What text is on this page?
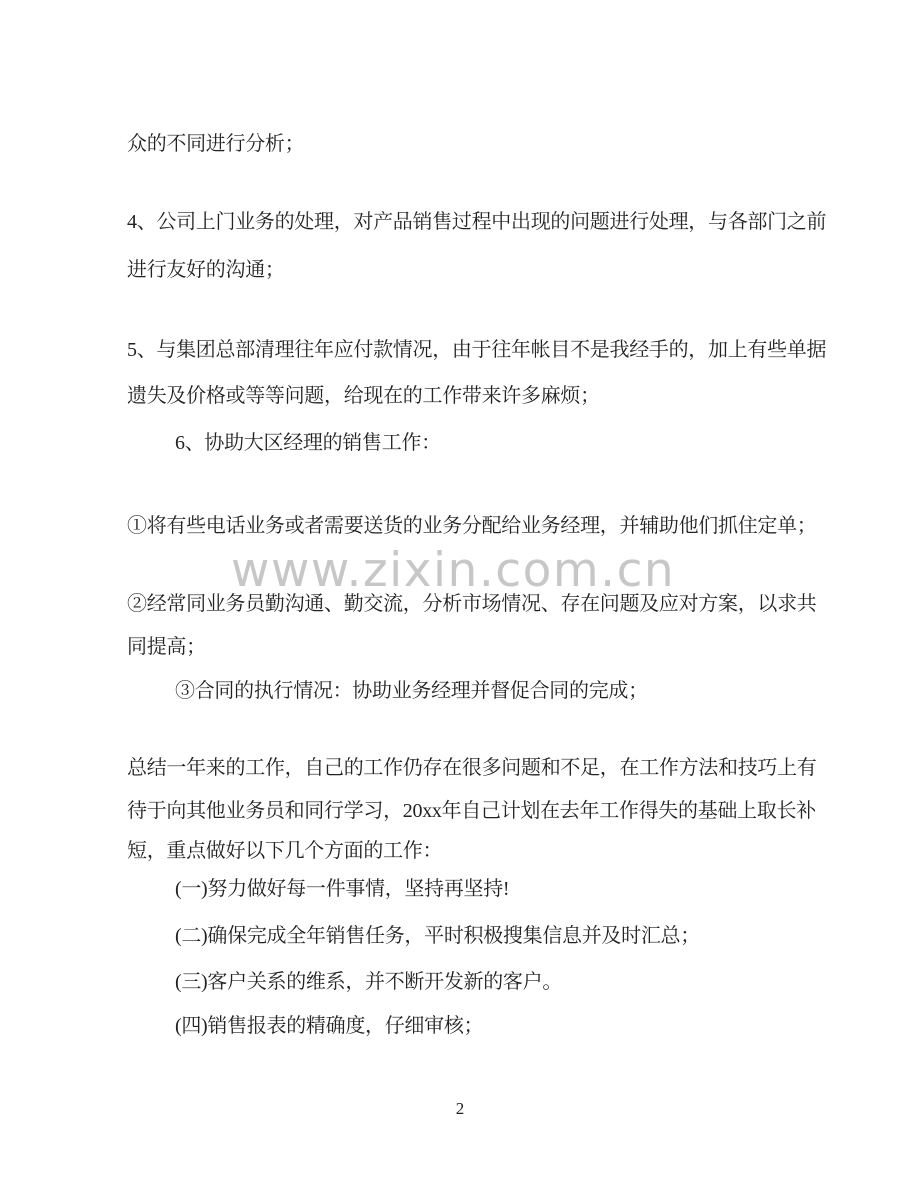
www.zixin.com.cn
众的不同进行分析；
4、公司上门业务的处理，对产品销售过程中出现的问题进行处理，与各部门之前
进行友好的沟通；
5、与集团总部清理往年应付款情况，由于往年帐目不是我经手的，加上有些单据
遗失及价格或等等问题，给现在的工作带来许多麻烦；
6、协助大区经理的销售工作：
①将有些电话业务或者需要送货的业务分配给业务经理，并辅助他们抓住定单；
②经常同业务员勤沟通、勤交流，分析市场情况、存在问题及应对方案，以求共
同提高；
③合同的执行情况：协助业务经理并督促合同的完成；
总结一年来的工作，自己的工作仍存在很多问题和不足，在工作方法和技巧上有
待于向其他业务员和同行学习，20xx年自己计划在去年工作得失的基础上取长补
短，重点做好以下几个方面的工作：
(一)努力做好每一件事情，坚持再坚持!
(二)确保完成全年销售任务，平时积极搜集信息并及时汇总；
(三)客户关系的维系，并不断开发新的客户。
(四)销售报表的精确度，仔细审核；
2
